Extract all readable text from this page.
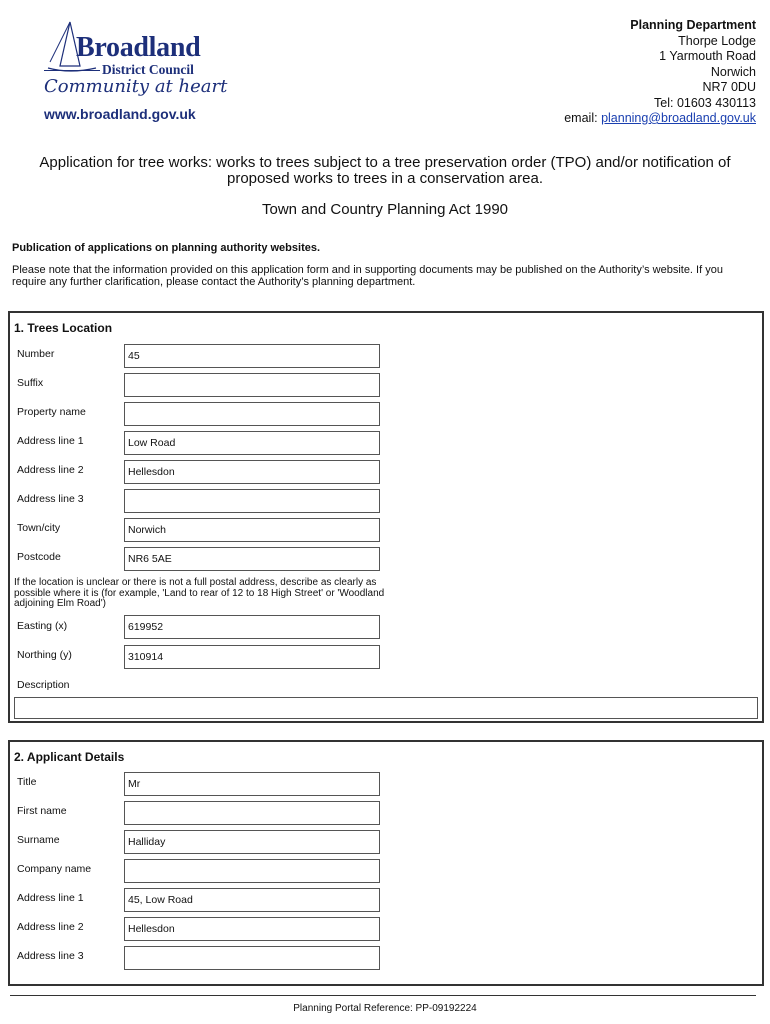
Broadland
District Council
Community at heart
www.broadland.gov.uk
Planning Department
Thorpe Lodge
1 Yarmouth Road
Norwich
NR7 0DU
Tel: 01603 430113
email: planning@broadland.gov.uk
Application for tree works: works to trees subject to a tree preservation order (TPO) and/or notification of proposed works to trees in a conservation area.
Town and Country Planning Act 1990
Publication of applications on planning authority websites.
Please note that the information provided on this application form and in supporting documents may be published on the Authority’s website. If you require any further clarification, please contact the Authority’s planning department.
1. Trees Location
Number	45
Suffix
Property name
Address line 1	Low Road
Address line 2	Hellesdon
Address line 3
Town/city	Norwich
Postcode	NR6 5AE
If the location is unclear or there is not a full postal address, describe as clearly as possible where it is (for example, 'Land to rear of 12 to 18 High Street' or 'Woodland adjoining Elm Road')
Easting (x)	619952
Northing (y)	310914
Description
2. Applicant Details
Title	Mr
First name
Surname	Halliday
Company name
Address line 1	45, Low Road
Address line 2	Hellesdon
Address line 3
Planning Portal Reference: PP-09192224
